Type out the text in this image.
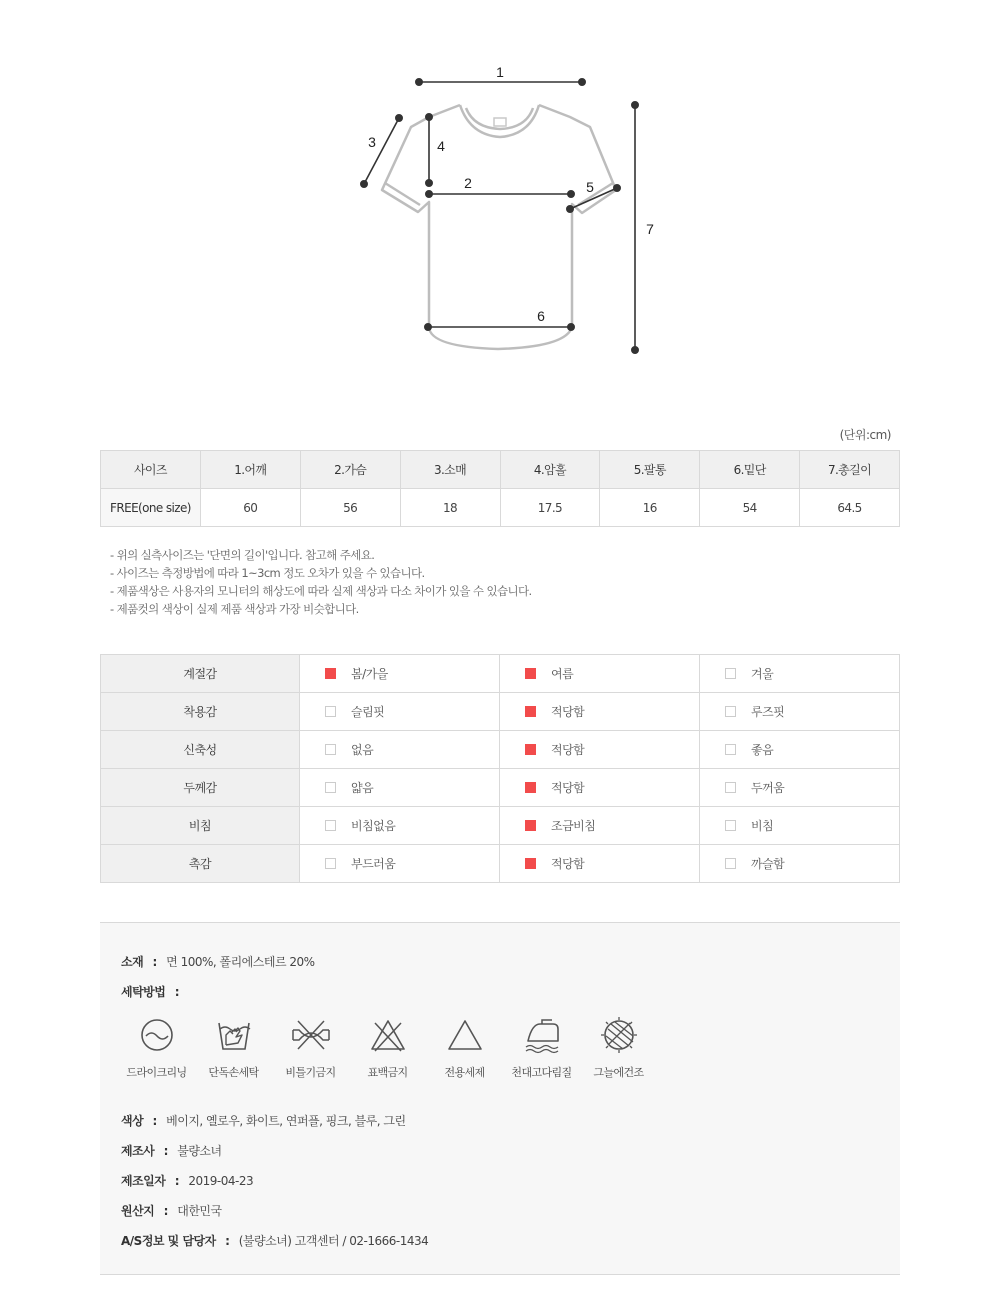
1
2
3	4
5
6
7
(단위:cm)
사이즈	1.어깨	2.가슴	3.소매	4.암홀	5.팔통	6.밑단	7.총길이
FREE(one size)	60	56	18	17.5	16	54	64.5
- 위의 실측사이즈는 '단면의 길이'입니다. 참고해 주세요.
- 사이즈는 측정방법에 따라 1~3cm 정도 오차가 있을 수 있습니다.
- 제품색상은 사용자의 모니터의 해상도에 따라 실제 색상과 다소 차이가 있을 수 있습니다.
- 제품컷의 색상이 실제 제품 색상과 가장 비슷합니다.
계절감	봄/가을	여름	겨울

착용감	슬림핏	적당함	루즈핏

신축성	없음	적당함	좋음

두께감	얇음	적당함	두꺼움

비침	비침없음	조금비침	비침

촉감	부드러움	적당함	까슬함
소재 : 면 100%, 폴리에스테르 20%
세탁방법 :
드라이크리닝 단독손세탁 비틀기금지	표백금지	전용세제 천대고다림질 그늘에건조
색상 : 베이지, 옐로우, 화이트, 연퍼플, 핑크, 블루, 그린
제조사 : 불량소녀
제조일자 : 2019-04-23
원산지 : 대한민국
A/S정보 및 담당자 : (불량소녀) 고객센터 / 02-1666-1434
